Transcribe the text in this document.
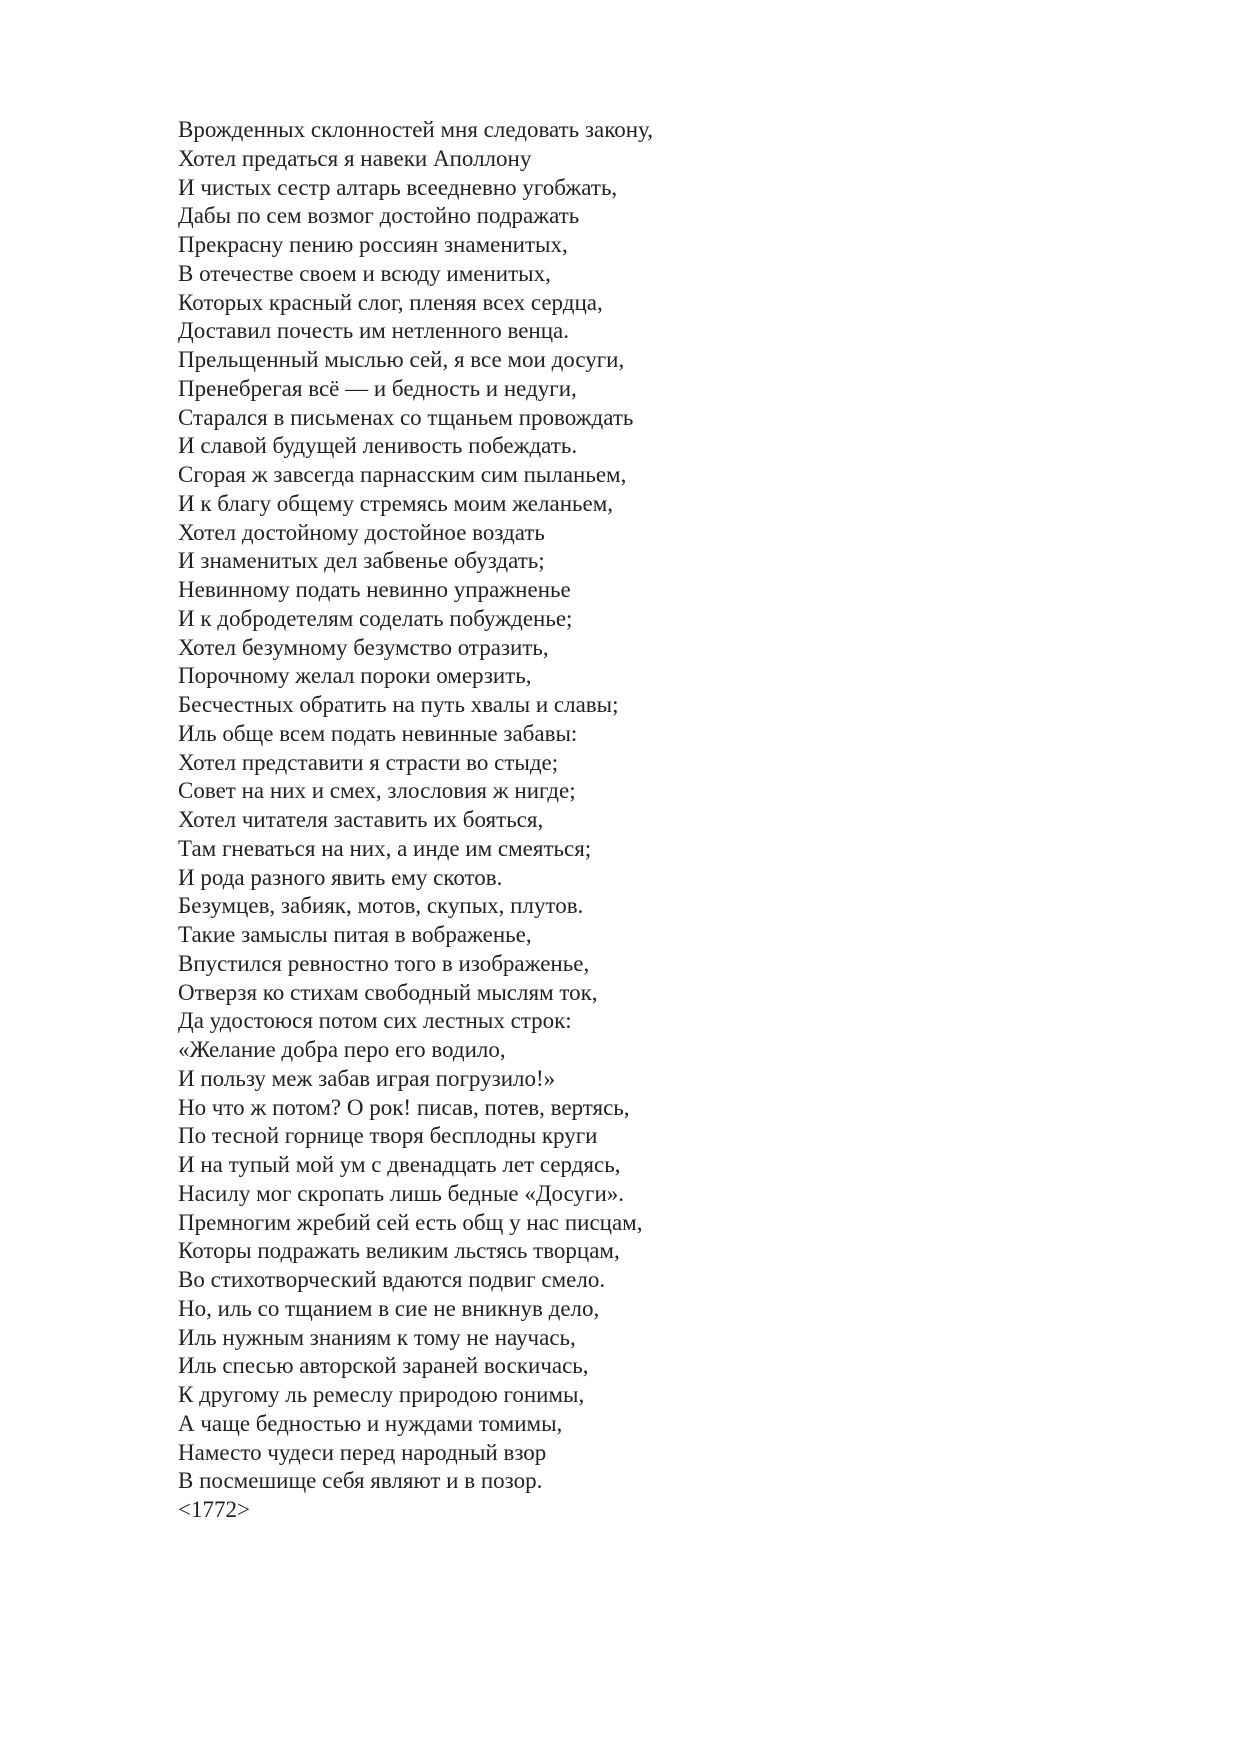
Врожденных склонностей мня следовать закону,
Хотел предаться я навеки Аполлону
И чистых сестр алтарь всеедневно угобжать,
Дабы по сем возмог достойно подражать
Прекрасну пению россиян знаменитых,
В отечестве своем и всюду именитых,
Которых красный слог, пленяя всех сердца,
Доставил почесть им нетленного венца.
Прельщенный мыслью сей, я все мои досуги,
Пренебрегая всё — и бедность и недуги,
Старался в письменах со тщаньем провождать
И славой будущей ленивость побеждать.
Сгорая ж завсегда парнасским сим пыланьем,
И к благу общему стремясь моим желаньем,
Хотел достойному достойное воздать
И знаменитых дел забвенье обуздать;
Невинному подать невинно упражненье
И к добродетелям соделать побужденье;
Хотел безумному безумство отразить,
Порочному желал пороки омерзить,
Бесчестных обратить на путь хвалы и славы;
Иль обще всем подать невинные забавы:
Хотел представити я страсти во стыде;
Совет на них и смех, злословия ж нигде;
Хотел читателя заставить их бояться,
Там гневаться на них, а инде им смеяться;
И рода разного явить ему скотов.
Безумцев, забияк, мотов, скупых, плутов.
Такие замыслы питая в вображенье,
Впустился ревностно того в изображенье,
Отверзя ко стихам свободный мыслям ток,
Да удостоюся потом сих лестных строк:
«Желание добра перо его водило,
И пользу меж забав играя погрузило!»
Но что ж потом? О рок! писав, потев, вертясь,
По тесной горнице творя бесплодны круги
И на тупый мой ум с двенадцать лет сердясь,
Насилу мог скропать лишь бедные «Досуги».
Премногим жребий сей есть общ у нас писцам,
Которы подражать великим льстясь творцам,
Во стихотворческий вдаются подвиг смело.
Но, иль со тщанием в сие не вникнув дело,
Иль нужным знаниям к тому не научась,
Иль спесью авторской зараней воскичась,
К другому ль ремеслу природою гонимы,
А чаще бедностью и нуждами томимы,
Наместо чудеси перед народный взор
В посмешище себя являют и в позор.
<1772>
